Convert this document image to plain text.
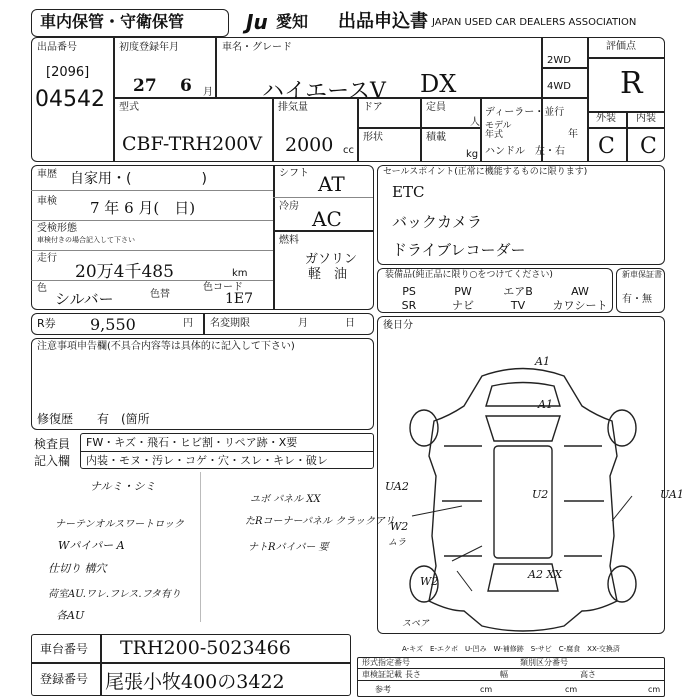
車内保管・守衛保管	Ju 愛知 出品申込書 JAPAN USED CAR DEALERS ASSOCIATION
出品番号
[2096]
04542
初度登録年月
27 6 月
車名・グレード
ハイエースV DX
2WD
4WD
型式
CBF-TRH200V
排気量
2000 cc
ドア
形状
定員
人
積載
kg
ディーラー・並行
モデル
年式	年
ハンドル　左・右
評価点
R
外装 内装
C C
車歴 自家用・(　　　　　)
車検 7 年 6 月(　日)
受検形態
車検付きの場合記入して下さい
走行
20万4千485	km
色
シルバー	色替
色コード
1E7
シフト AT
冷房
AC
燃料
ガソリン
軽　油
セールスポイント(正常に機能するものに限ります)
ETC
バックカメラ
ドライブレコーダー
装備品(純正品に限り○をつけてください)
PS	PW	エアB	AW
SR	ナビ	TV	カワシート
新車保証書
有・無
R券 9,550	円 名変期限	月	日	後日分
注意事項申告欄(不具合内容等は具体的に記入して下さい)
修復歴　　有　(箇所
検査員
記入欄
FW・キズ・飛石・ヒビ割・リペア跡・X要
内装・モヌ・汚レ・コゲ・穴・スレ・キレ・破レ
ナルミ・シミ
ユボ パネル XX
ナーテンオルスワートロック	たRコーナーパネル クラックアリ
Wパイパー A	ナトRパイパー 要
仕切り 構穴
荷室AU.ワレ.フレス.フタ有り
各AU
車台番号 TRH200-5023466
登録番号 尾張小牧400の3422
形式指定番号	類別区分番号
車検証記載 長さ	幅	高さ
参考	cm	cm	cm
A1
A1
UA2
U2	UA1
W2
ムラ
A2 XX
W2
スペア
A-キズ　E-エクボ　U-凹み　W-補修跡　S-サビ　C-腐食　XX-交換済
